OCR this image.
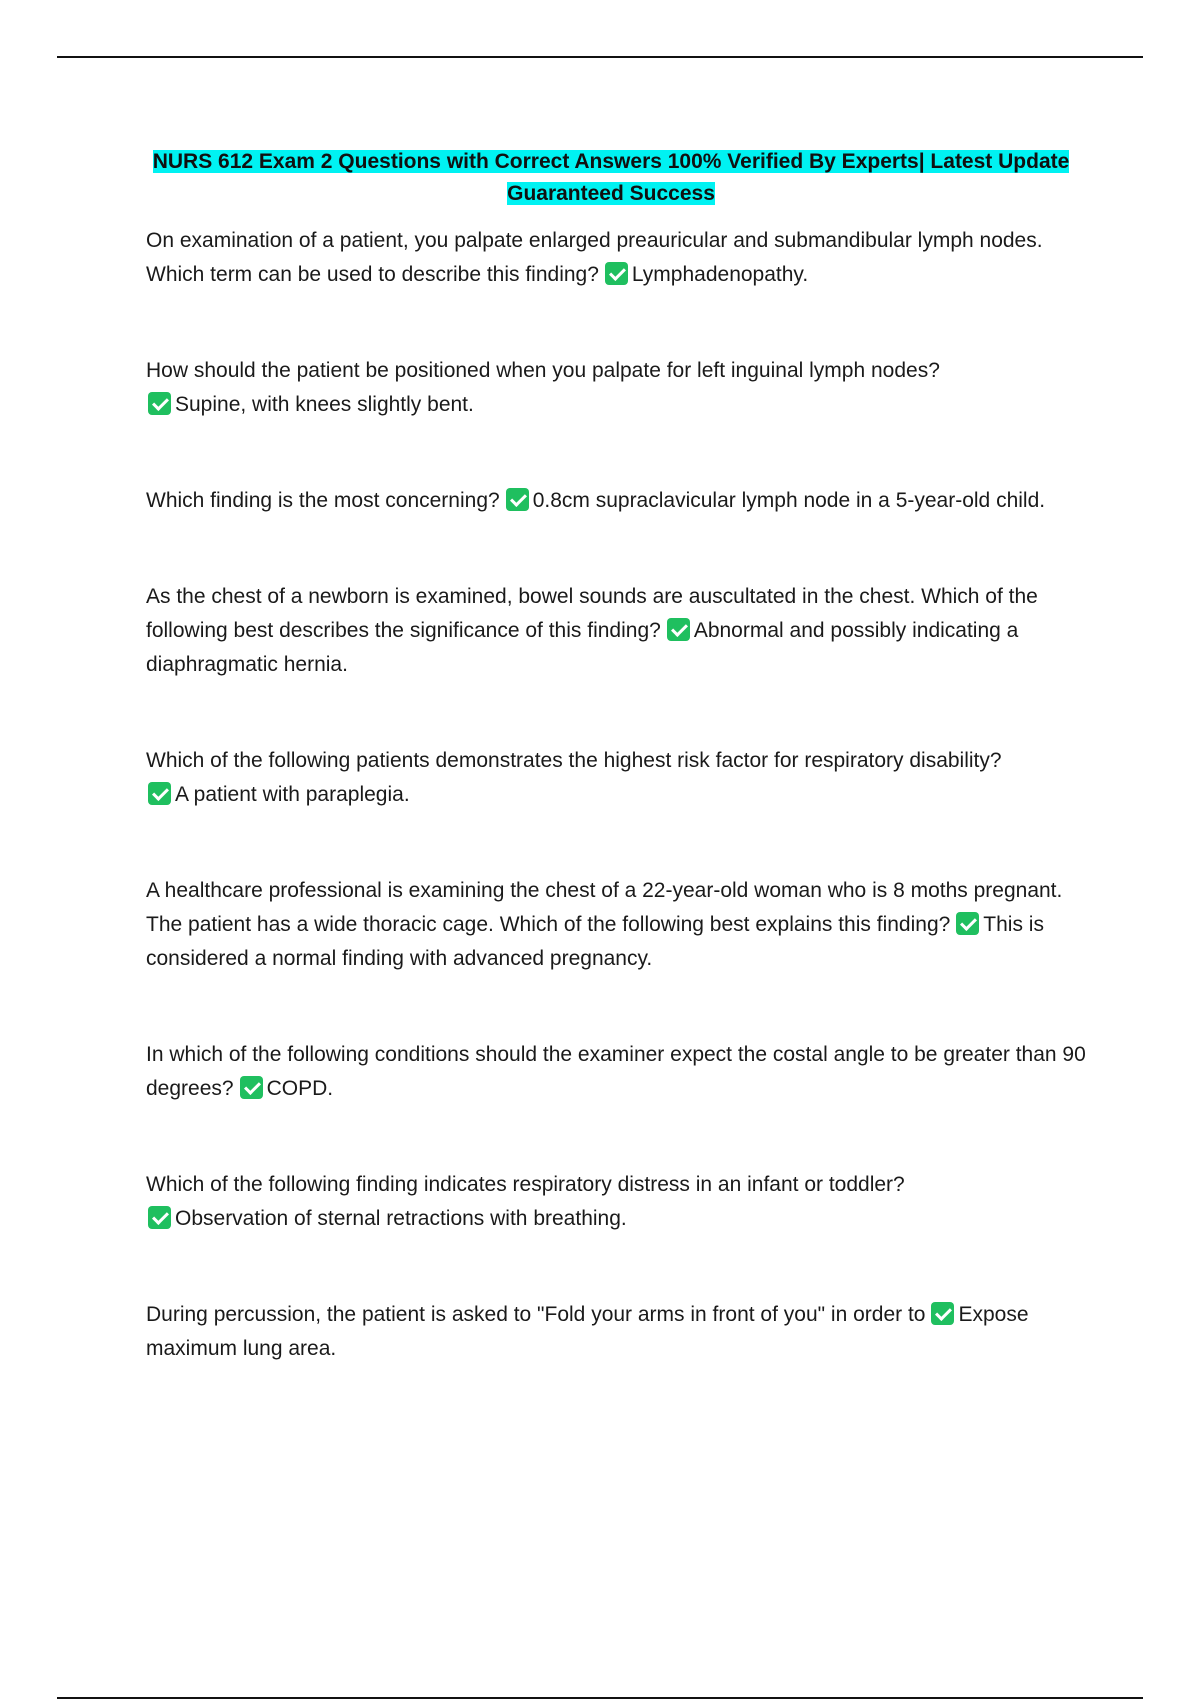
NURS 612 Exam 2 Questions with Correct Answers 100% Verified By Experts| Latest Update Guaranteed Success

On examination of a patient, you palpate enlarged preauricular and submandibular lymph nodes. Which term can be used to describe this finding? Lymphadenopathy.

How should the patient be positioned when you palpate for left inguinal lymph nodes?
Supine, with knees slightly bent.

Which finding is the most concerning? 0.8cm supraclavicular lymph node in a 5-year-old child.

As the chest of a newborn is examined, bowel sounds are auscultated in the chest. Which of the following best describes the significance of this finding? Abnormal and possibly indicating a diaphragmatic hernia.

Which of the following patients demonstrates the highest risk factor for respiratory disability?
A patient with paraplegia.

A healthcare professional is examining the chest of a 22-year-old woman who is 8 moths pregnant. The patient has a wide thoracic cage. Which of the following best explains this finding? This is considered a normal finding with advanced pregnancy.

In which of the following conditions should the examiner expect the costal angle to be greater than 90 degrees? COPD.

Which of the following finding indicates respiratory distress in an infant or toddler?
Observation of sternal retractions with breathing.

During percussion, the patient is asked to "Fold your arms in front of you" in order to Expose maximum lung area.
